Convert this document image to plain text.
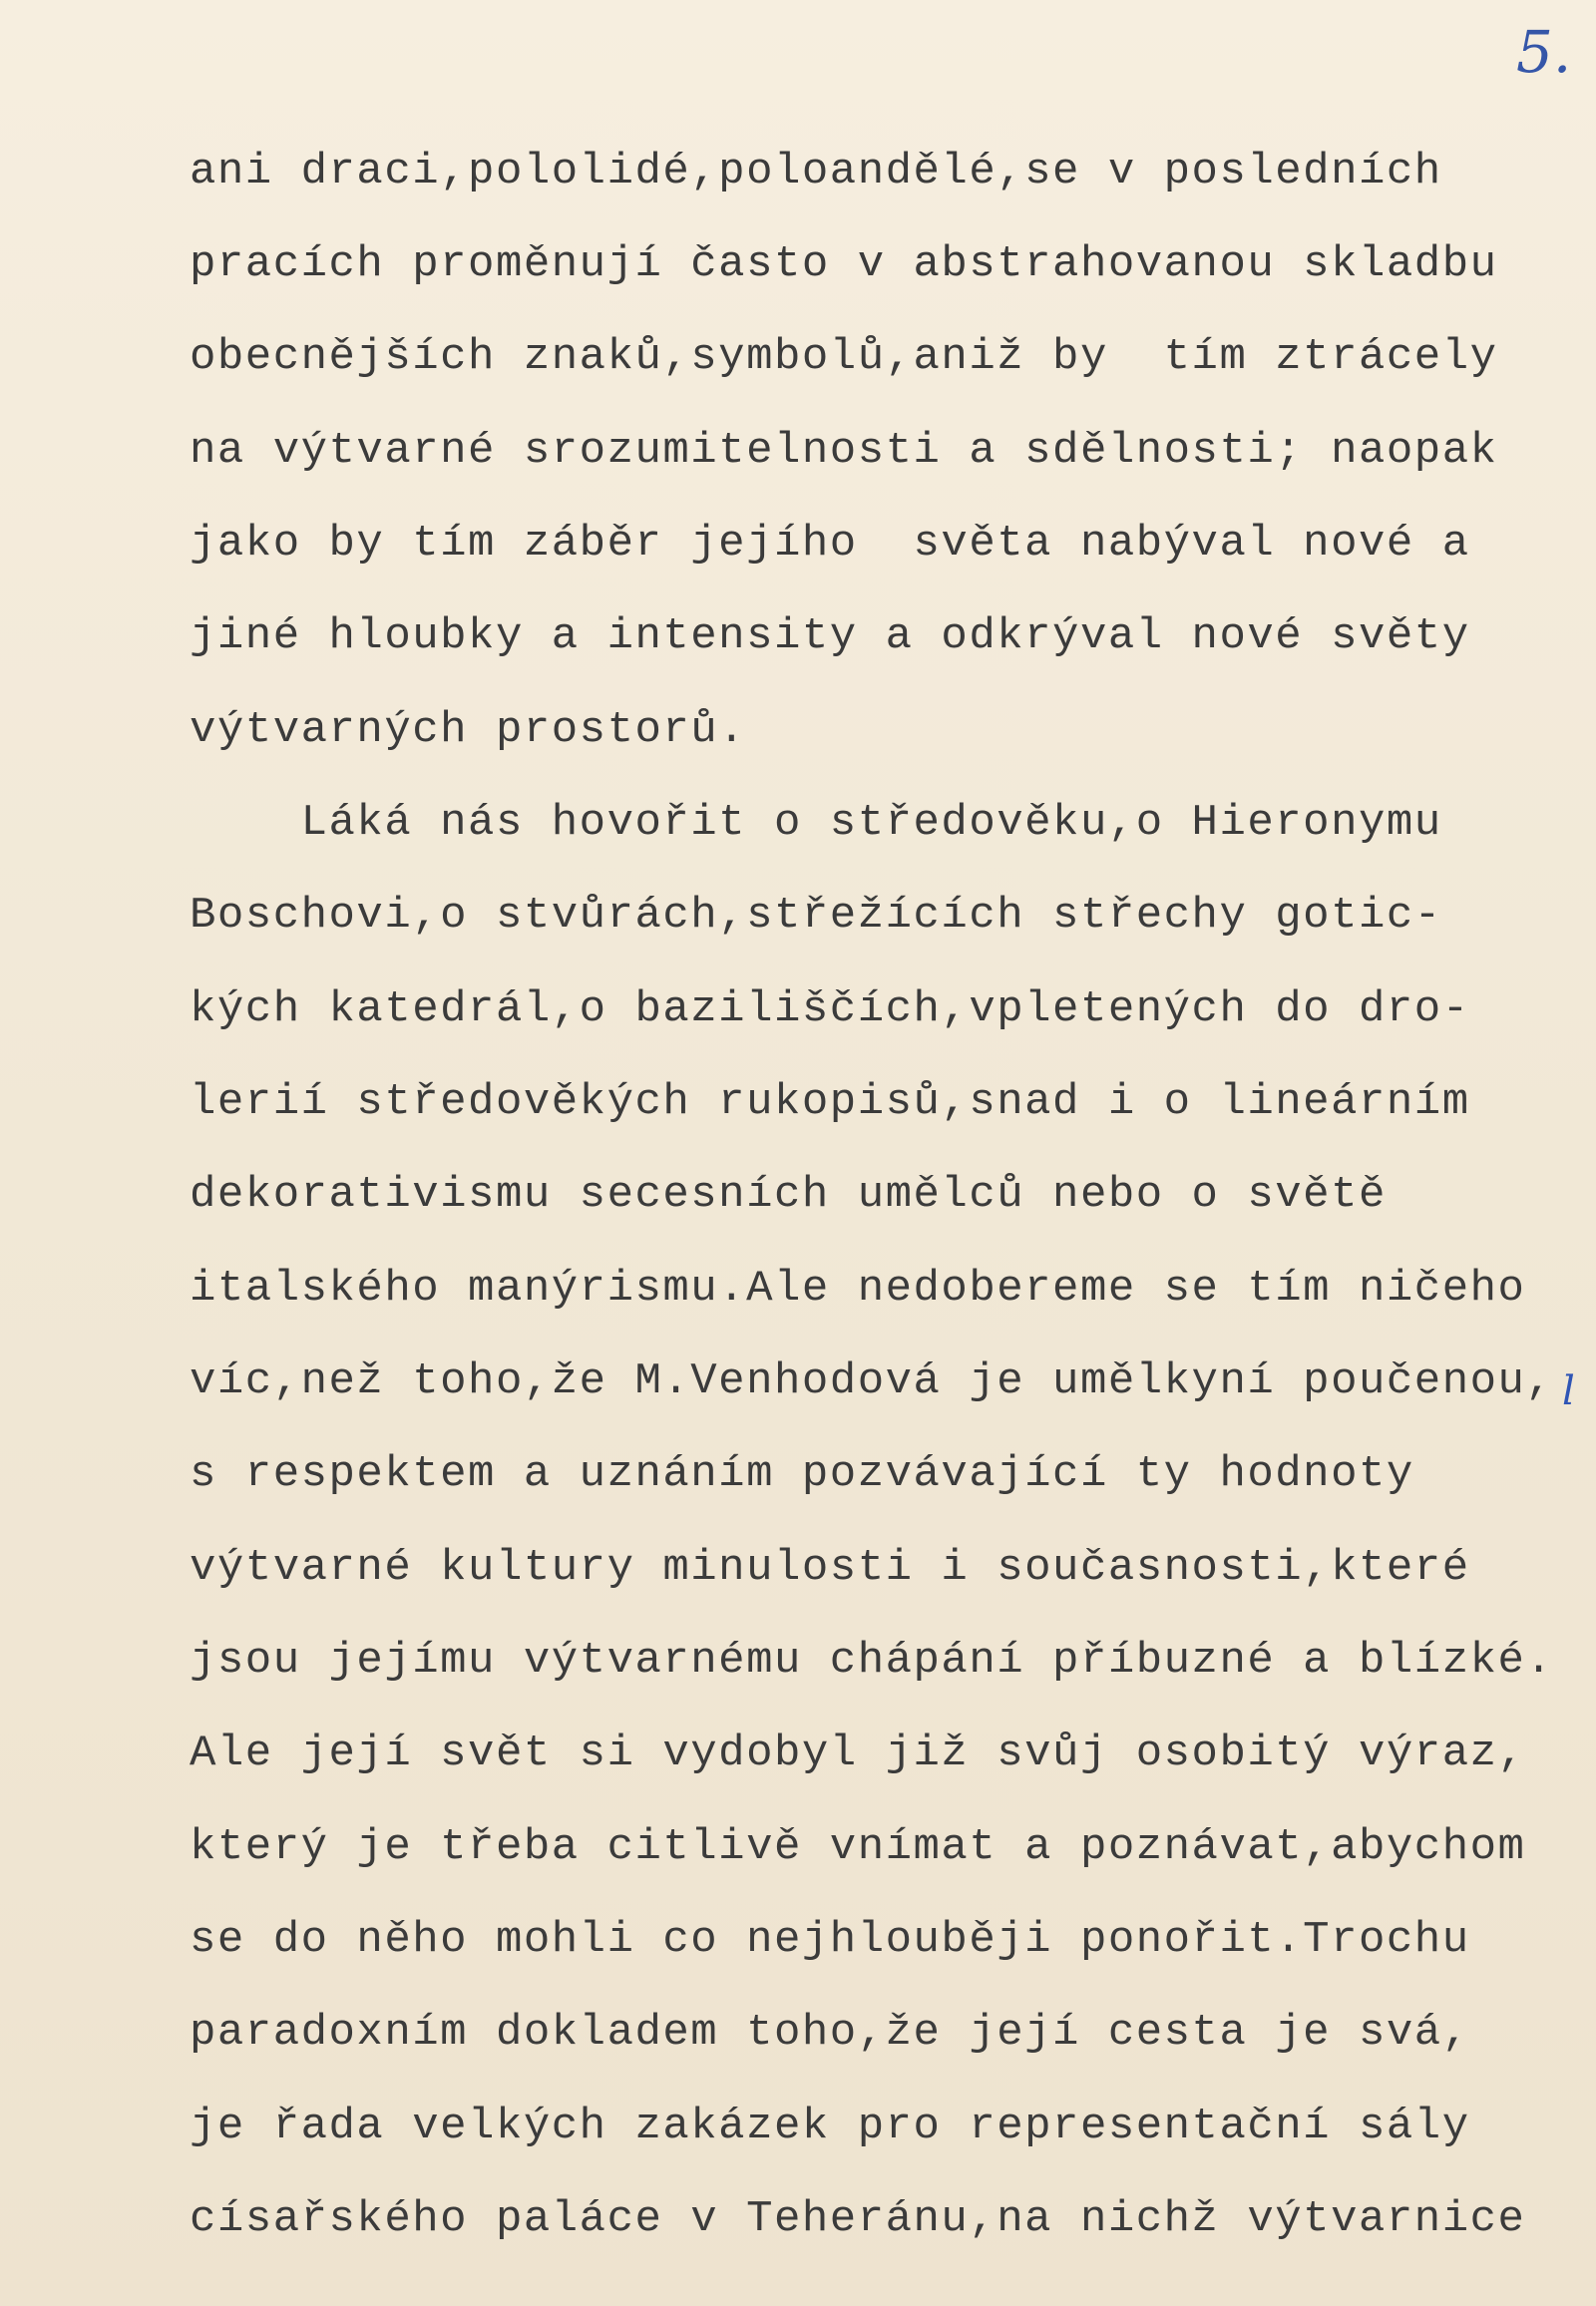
5.
ani draci,pololidé,poloandělé,se v posledních
pracích proměnují často v abstrahovanou skladbu
obecnějších znaků,symbolů,aniž by  tím ztrácely
na výtvarné srozumitelnosti a sdělnosti; naopak
jako by tím záběr jejího  světa nabýval nové a
jiné hloubky a intensity a odkrýval nové světy
výtvarných prostorů.
Láká nás hovořit o středověku,o Hieronymu
Boschovi,o stvůrách,střežících střechy gotic-
kých katedrál,o baziliščích,vpletených do dro-
lerií středověkých rukopisů,snad i o lineárním
dekorativismu secesních umělců nebo o světě
italského manýrismu.Ale nedoberemе se tím ničeho
víc,než toho,že M.Venhodová je umělkyní poučenou,
s respektem a uznáním pozvávající ty hodnoty
výtvarné kultury minulosti i současnosti,které
jsou jejímu výtvarnému chápání příbuzné a blízké.
Ale její svět si vydobyl již svůj osobitý výraz,
který je třeba citlivě vnímat a poznávat,abychom
se do něho mohli co nejhlouběji ponořit.Trochu
paradoxním dokladem toho,že její cesta je svá,
je řada velkých zakázek pro representační sály
císařského paláce v Teheránu,na nichž výtvarnice
l
